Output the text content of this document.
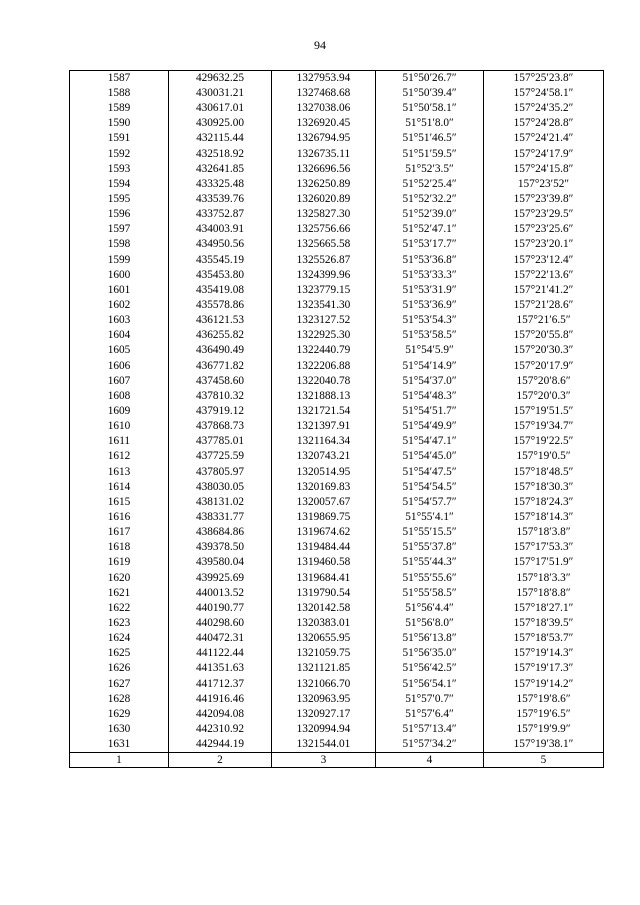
94
1587	429632.25	1327953.94	51°50′26.7″	157°25′23.8″
1588	430031.21	1327468.68	51°50′39.4″	157°24′58.1″
1589	430617.01	1327038.06	51°50′58.1″	157°24′35.2″
1590	430925.00	1326920.45	51°51′8.0″	157°24′28.8″
1591	432115.44	1326794.95	51°51′46.5″	157°24′21.4″
1592	432518.92	1326735.11	51°51′59.5″	157°24′17.9″
1593	432641.85	1326696.56	51°52′3.5″	157°24′15.8″
1594	433325.48	1326250.89	51°52′25.4″	157°23′52″
1595	433539.76	1326020.89	51°52′32.2″	157°23′39.8″
1596	433752.87	1325827.30	51°52′39.0″	157°23′29.5″
1597	434003.91	1325756.66	51°52′47.1″	157°23′25.6″
1598	434950.56	1325665.58	51°53′17.7″	157°23′20.1″
1599	435545.19	1325526.87	51°53′36.8″	157°23′12.4″
1600	435453.80	1324399.96	51°53′33.3″	157°22′13.6″
1601	435419.08	1323779.15	51°53′31.9″	157°21′41.2″
1602	435578.86	1323541.30	51°53′36.9″	157°21′28.6″
1603	436121.53	1323127.52	51°53′54.3″	157°21′6.5″
1604	436255.82	1322925.30	51°53′58.5″	157°20′55.8″
1605	436490.49	1322440.79	51°54′5.9″	157°20′30.3″
1606	436771.82	1322206.88	51°54′14.9″	157°20′17.9″
1607	437458.60	1322040.78	51°54′37.0″	157°20′8.6″
1608	437810.32	1321888.13	51°54′48.3″	157°20′0.3″
1609	437919.12	1321721.54	51°54′51.7″	157°19′51.5″
1610	437868.73	1321397.91	51°54′49.9″	157°19′34.7″
1611	437785.01	1321164.34	51°54′47.1″	157°19′22.5″
1612	437725.59	1320743.21	51°54′45.0″	157°19′0.5″
1613	437805.97	1320514.95	51°54′47.5″	157°18′48.5″
1614	438030.05	1320169.83	51°54′54.5″	157°18′30.3″
1615	438131.02	1320057.67	51°54′57.7″	157°18′24.3″
1616	438331.77	1319869.75	51°55′4.1″	157°18′14.3″
1617	438684.86	1319674.62	51°55′15.5″	157°18′3.8″
1618	439378.50	1319484.44	51°55′37.8″	157°17′53.3″
1619	439580.04	1319460.58	51°55′44.3″	157°17′51.9″
1620	439925.69	1319684.41	51°55′55.6″	157°18′3.3″
1621	440013.52	1319790.54	51°55′58.5″	157°18′8.8″
1622	440190.77	1320142.58	51°56′4.4″	157°18′27.1″
1623	440298.60	1320383.01	51°56′8.0″	157°18′39.5″
1624	440472.31	1320655.95	51°56′13.8″	157°18′53.7″
1625	441122.44	1321059.75	51°56′35.0″	157°19′14.3″
1626	441351.63	1321121.85	51°56′42.5″	157°19′17.3″
1627	441712.37	1321066.70	51°56′54.1″	157°19′14.2″
1628	441916.46	1320963.95	51°57′0.7″	157°19′8.6″
1629	442094.08	1320927.17	51°57′6.4″	157°19′6.5″
1630	442310.92	1320994.94	51°57′13.4″	157°19′9.9″
1631	442944.19	1321544.01	51°57′34.2″	157°19′38.1″
1	2	3	4	5
